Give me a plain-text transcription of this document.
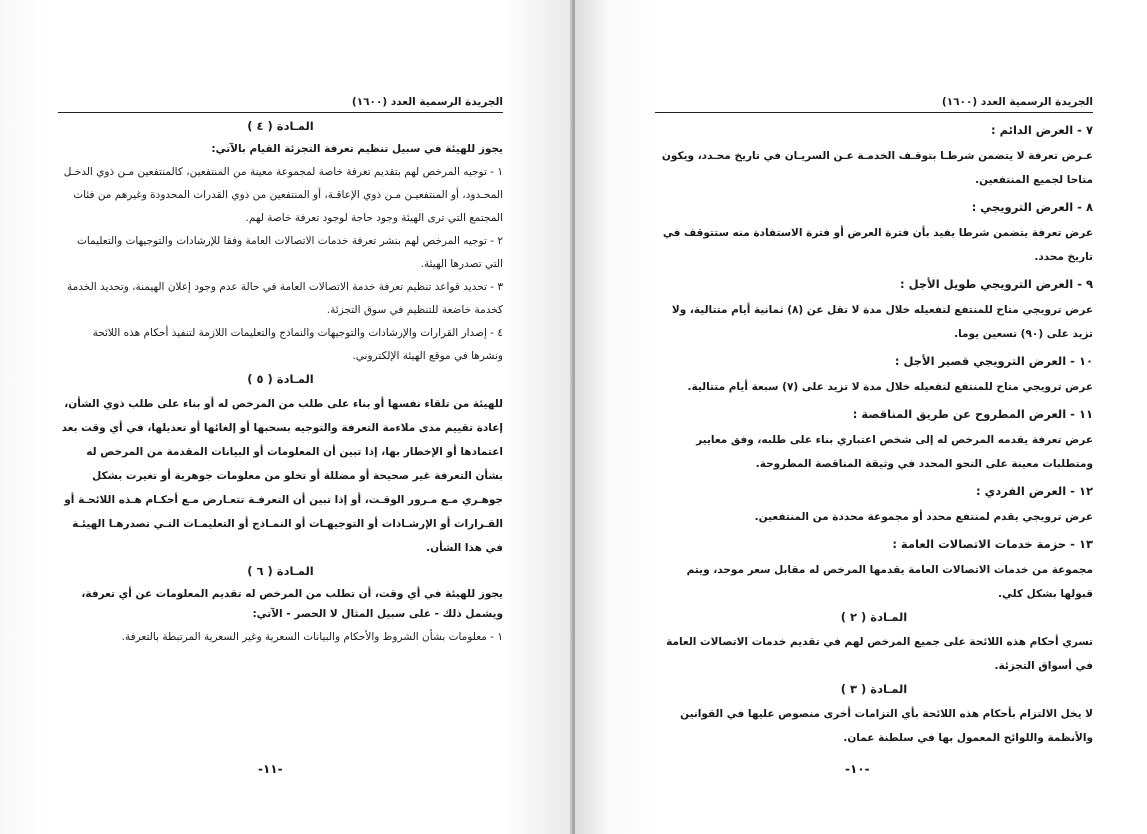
الجريدة الرسمية العدد (١٦٠٠)
المـادة ( ٤ )

يجوز للهيئة في سبيل تنظيم تعرفة التجزئة القيام بالآتي:

١ - توجيه المرخص لهم بتقديم تعرفة خاصة لمجموعة معينة من المنتفعين، كالمنتفعين مـن ذوي الدخـل المحـدود، أو المنتفعيـن مـن ذوي الإعاقـة، أو المنتفعين من ذوي القدرات المحدودة وغيرهم من فئات المجتمع التي ترى الهيئة وجود حاجة لوجود تعرفة خاصة لهم.

٢ - توجيه المرخص لهم بنشر تعرفة خدمات الاتصالات العامة وفقا للإرشادات والتوجيهات والتعليمات التي تصدرها الهيئة.

٣ - تحديد قواعد تنظيم تعرفة خدمة الاتصالات العامة في حالة عدم وجود إعلان الهيمنة، وتحديد الخدمة كخدمة خاضعة للتنظيم في سوق التجزئة.

٤ - إصدار القرارات والإرشادات والتوجيهات والنماذج والتعليمات اللازمة لتنفيذ أحكام هذه اللائحة ونشرها في موقع الهيئة الإلكتروني.

المـادة ( ٥ )

للهيئة من تلقاء نفسها أو بناء على طلب من المرخص له أو بناء على طلب ذوي الشأن، إعادة تقييم مدى ملاءمة التعرفة والتوجيه بسحبها أو إلغائها أو تعديلها، في أي وقت بعد اعتمادها أو الإخطار بها، إذا تبين أن المعلومات أو البيانات المقدمة من المرخص له بشأن التعرفة غير صحيحة أو مضللة أو تخلو من معلومات جوهرية أو تغيرت بشكل جوهـري مـع مـرور الوقـت، أو إذا تبين أن التعرفـة تتعـارض مـع أحكـام هـذه اللائحـة أو القـرارات أو الإرشـادات أو التوجيهـات أو النمـاذج أو التعليمـات التـي تصدرهـا الهيئـة في هذا الشأن.

المـادة ( ٦ )

يجوز للهيئة في أي وقت، أن تطلب من المرخص له تقديم المعلومات عن أي تعرفة، ويشمل ذلك - على سبيل المثال لا الحصر - الآتي:

١ - معلومات بشأن الشروط والأحكام والبيانات السعرية وغير السعرية المرتبطة بالتعرفة.

-١١-
الجريدة الرسمية العدد (١٦٠٠)
٧ - العرض الدائم :

عـرض تعرفة لا يتضمن شرطـا بتوقـف الخدمـة عـن السريـان في تاريخ محـدد، ويكون متاحا لجميع المنتفعين.

٨ - العرض الترويجي :

عرض تعرفة يتضمن شرطا يفيد بأن فترة العرض أو فترة الاستفادة منه ستتوقف في تاريخ محدد.

٩ - العرض الترويجي طويل الأجل :

عرض ترويجي متاح للمنتفع لتفعيله خلال مدة لا تقل عن (٨) ثمانية أيام متتالية، ولا تزيد على (٩٠) تسعين يوما.

١٠ - العرض الترويجي قصير الأجل :

عرض ترويجي متاح للمنتفع لتفعيله خلال مدة لا تزيد على (٧) سبعة أيام متتالية.

١١ - العرض المطروح عن طريق المناقصة :

عرض تعرفة يقدمه المرخص له إلى شخص اعتباري بناء على طلبه، وفق معايير ومتطلبات معينة على النحو المحدد في وثيقة المناقصة المطروحة.

١٢ - العرض الفردي :

عرض ترويجي يقدم لمنتفع محدد أو مجموعة محددة من المنتفعين.

١٣ - حزمة خدمات الاتصالات العامة :

مجموعة من خدمات الاتصالات العامة يقدمها المرخص له مقابل سعر موحد، ويتم قبولها بشكل كلي.

المـادة ( ٢ )

تسري أحكام هذه اللائحة على جميع المرخص لهم في تقديم خدمات الاتصالات العامة في أسواق التجزئة.

المـادة ( ٣ )

لا يخل الالتزام بأحكام هذه اللائحة بأي التزامات أخرى منصوص عليها في القوانين والأنظمة واللوائح المعمول بها في سلطنة عمان.

-١٠-
